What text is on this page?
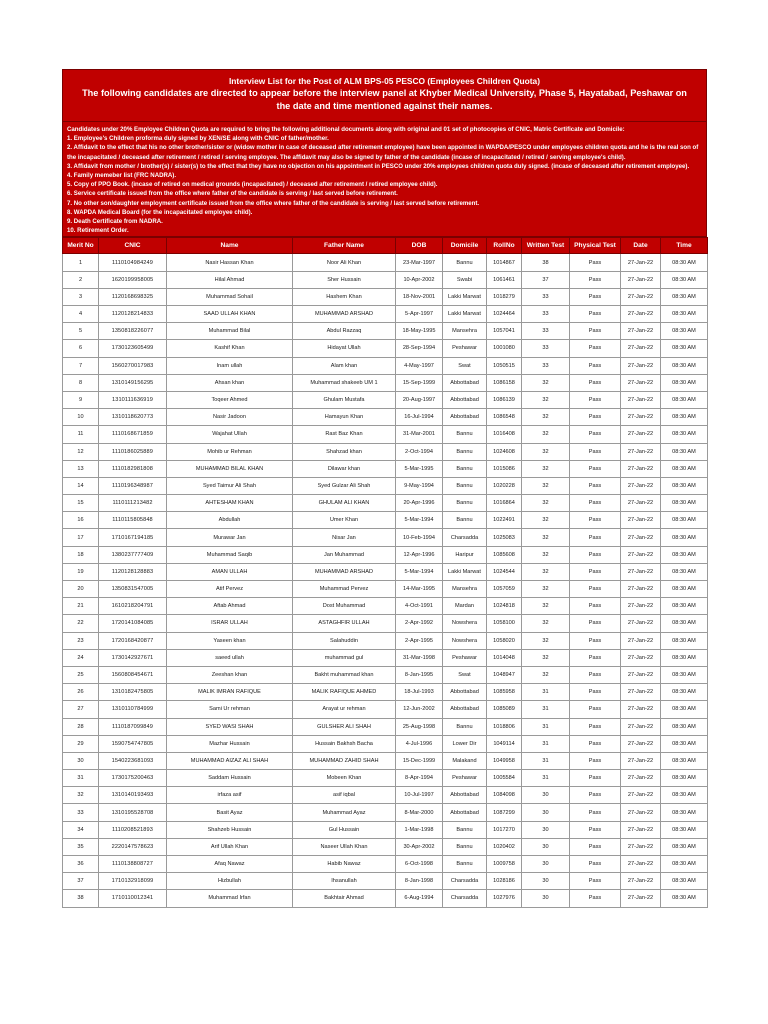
Interview List for the Post of ALM BPS-05 PESCO (Employees Children Quota)
The following candidates are directed to appear before the interview panel at Khyber Medical University, Phase 5, Hayatabad, Peshawar on
the date and time mentioned against their names.
Candidates under 20% Employee Children Quota are required to bring the following additional documents along with original and 01 set of photocopies of CNIC, Matric Certificate and Domicile:
1. Employee's Children proforma duly signed by XEN/SE along with CNIC of father/mother.
2. Affidavit to the effect that his no other brother/sister or (widow mother in case of deceased after retirement employee) have been appointed in WAPDA/PESCO under employees children quota and he is the real son of the incapacitated / deceased after retirement / retired / serving employee. The affidavit may also be signed by father of the candidate (incase of incapacitated / retired / serving employee's child).
3. Affidavit from mother / brother(s) / sister(s) to the effect that they have no objection on his appointment in PESCO under 20% employees children quota duly signed. (incase of deceased after retirement employee).
4. Family memeber list (FRC NADRA).
5. Copy of PPO Book. (incase of retired on medical grounds (incapacitated) / deceased after retirement / retired employee child).
6. Service certificate issued from the office where father of the candidate is serving / last served before retirement.
7. No other son/daughter employment certificate issued from the office where father of the candidate is serving / last served before retirement.
8. WAPDA Medical Board (for the incapacitated employee child).
9. Death Certificate from NADRA.
10. Retirement Order.
Merit No	CNIC	Name	Father Name	DOB	Domicile	RollNo	Written Test	Physical Test	Date	Time
1	1110104984249	Nasir Hassan Khan	Noor Ali Khan	23-Mar-1997	Bannu	1014867	38	Pass	27-Jan-22	08:30 AM
2	1620199958005	Hilal Ahmad	Sher Hussain	10-Apr-2002	Swabi	1061461	37	Pass	27-Jan-22	08:30 AM
3	1120168698325	Muhammad Sohail	Hashem Khan	18-Nov-2001	Lakki Marwat	1018279	33	Pass	27-Jan-22	08:30 AM
4	1120128214833	SAAD ULLAH KHAN	MUHAMMAD ARSHAD	5-Apr-1997	Lakki Marwat	1024464	33	Pass	27-Jan-22	08:30 AM
5	1350818226077	Muhammad Bilal	Abdul Razzaq	18-May-1995	Mansehra	1057041	33	Pass	27-Jan-22	08:30 AM
6	1730123605499	Kashif Khan	Hidayat Ullah	28-Sep-1994	Peshawar	1001080	33	Pass	27-Jan-22	08:30 AM
7	1560270017983	Inam ullah	Alam khan	4-May-1997	Swat	1050515	33	Pass	27-Jan-22	08:30 AM
8	1310149156295	Ahsan khan	Muhammad shakeeb UM 1	15-Sep-1999	Abbottabad	1086158	32	Pass	27-Jan-22	08:30 AM
9	1310111636919	Toqeer Ahmed	Ghulam Mustafa	20-Aug-1997	Abbottabad	1086139	32	Pass	27-Jan-22	08:30 AM
10	1310118620773	Nasir Jadoon	Hamayun Khan	16-Jul-1994	Abbottabad	1086548	32	Pass	27-Jan-22	08:30 AM
11	1110168671859	Wajahat Ullah	Rast Baz Khan	31-Mar-2001	Bannu	1016408	32	Pass	27-Jan-22	08:30 AM
12	1110186025889	Mohib ur Rehman	Shahzad khan	2-Oct-1994	Bannu	1024608	32	Pass	27-Jan-22	08:30 AM
13	1110182981808	MUHAMMAD BILAL KHAN	Dilawar khan	5-Mar-1995	Bannu	1015086	32	Pass	27-Jan-22	08:30 AM
14	1110196348987	Syed Taimur Ali Shah	Syed Gulzar Ali Shah	9-May-1994	Bannu	1020228	32	Pass	27-Jan-22	08:30 AM
15	1110111213482	AHTESHAM KHAN	GHULAM ALI KHAN	20-Apr-1996	Bannu	1016864	32	Pass	27-Jan-22	08:30 AM
16	1110115805848	Abdullah	Umer Khan	5-Mar-1994	Bannu	1022491	32	Pass	27-Jan-22	08:30 AM
17	1710167194185	Murawar Jan	Nisar Jan	10-Feb-1994	Charsadda	1025083	32	Pass	27-Jan-22	08:30 AM
18	1380237777409	Muhammad Saqib	Jan Muhammad	12-Apr-1996	Haripur	1085608	32	Pass	27-Jan-22	08:30 AM
19	1120128128883	AMAN ULLAH	MUHAMMAD ARSHAD	5-Mar-1994	Lakki Marwat	1024544	32	Pass	27-Jan-22	08:30 AM
20	1350831547005	Atif Pervez	Muhammad Pervez	14-Mar-1995	Mansehra	1057059	32	Pass	27-Jan-22	08:30 AM
21	1610218204791	Aftab Ahmad	Dost Muhammad	4-Oct-1991	Mardan	1024818	32	Pass	27-Jan-22	08:30 AM
22	1720141084085	ISRAR ULLAH	ASTAGHFIR ULLAH	2-Apr-1992	Nowshera	1058100	32	Pass	27-Jan-22	08:30 AM
23	1720168420877	Yaseen khan	Salahuddin	2-Apr-1995	Nowshera	1058020	32	Pass	27-Jan-22	08:30 AM
24	1730142927671	saeed ullah	muhammad gul	31-Mar-1998	Peshawar	1014048	32	Pass	27-Jan-22	08:30 AM
25	1560808454671	Zeeshan khan	Bakht muhammad khan	8-Jan-1995	Swat	1048947	32	Pass	27-Jan-22	08:30 AM
26	1310182475805	MALIK IMRAN RAFIQUE	MALIK RAFIQUE AHMED	18-Jul-1993	Abbottabad	1085958	31	Pass	27-Jan-22	08:30 AM
27	1310110784999	Sami Ur rehman	Arayat ur rehman	12-Jun-2002	Abbottabad	1085089	31	Pass	27-Jan-22	08:30 AM
28	1110187099849	SYED WASI SHAH	GULSHER ALI SHAH	25-Aug-1998	Bannu	1018806	31	Pass	27-Jan-22	08:30 AM
29	1590754747805	Mazhar Hussain	Hussain Bakhsh Bacha	4-Jul-1996	Lower Dir	1049114	31	Pass	27-Jan-22	08:30 AM
30	1540223681093	MUHAMMAD AIZAZ ALI SHAH	MUHAMMAD ZAHID SHAH	15-Dec-1999	Malakand	1049958	31	Pass	27-Jan-22	08:30 AM
31	1730175200463	Saddam Hussain	Mobeen Khan	8-Apr-1994	Peshawar	1005584	31	Pass	27-Jan-22	08:30 AM
32	1310140193493	irfaza asif	asif iqbal	10-Jul-1997	Abbottabad	1084098	30	Pass	27-Jan-22	08:30 AM
33	1310195528708	Basit Ayaz	Muhammad Ayaz	8-Mar-2000	Abbottabad	1087299	30	Pass	27-Jan-22	08:30 AM
34	1110208521893	Shahzeb Hussain	Gul Hussain	1-Mar-1998	Bannu	1017270	30	Pass	27-Jan-22	08:30 AM
35	2220147578623	Arif Ullah Khan	Naseer Ullah Khan	30-Apr-2002	Bannu	1020402	30	Pass	27-Jan-22	08:30 AM
36	1110138808727	Afaq Nawaz	Habib Nawaz	6-Oct-1998	Bannu	1009758	30	Pass	27-Jan-22	08:30 AM
37	1710132918099	Hizbullah	Ihsanullah	8-Jan-1998	Charsadda	1028186	30	Pass	27-Jan-22	08:30 AM
38	1710110012341	Muhammad Irfan	Bakhtair Ahmad	6-Aug-1994	Charsadda	1027976	30	Pass	27-Jan-22	08:30 AM
